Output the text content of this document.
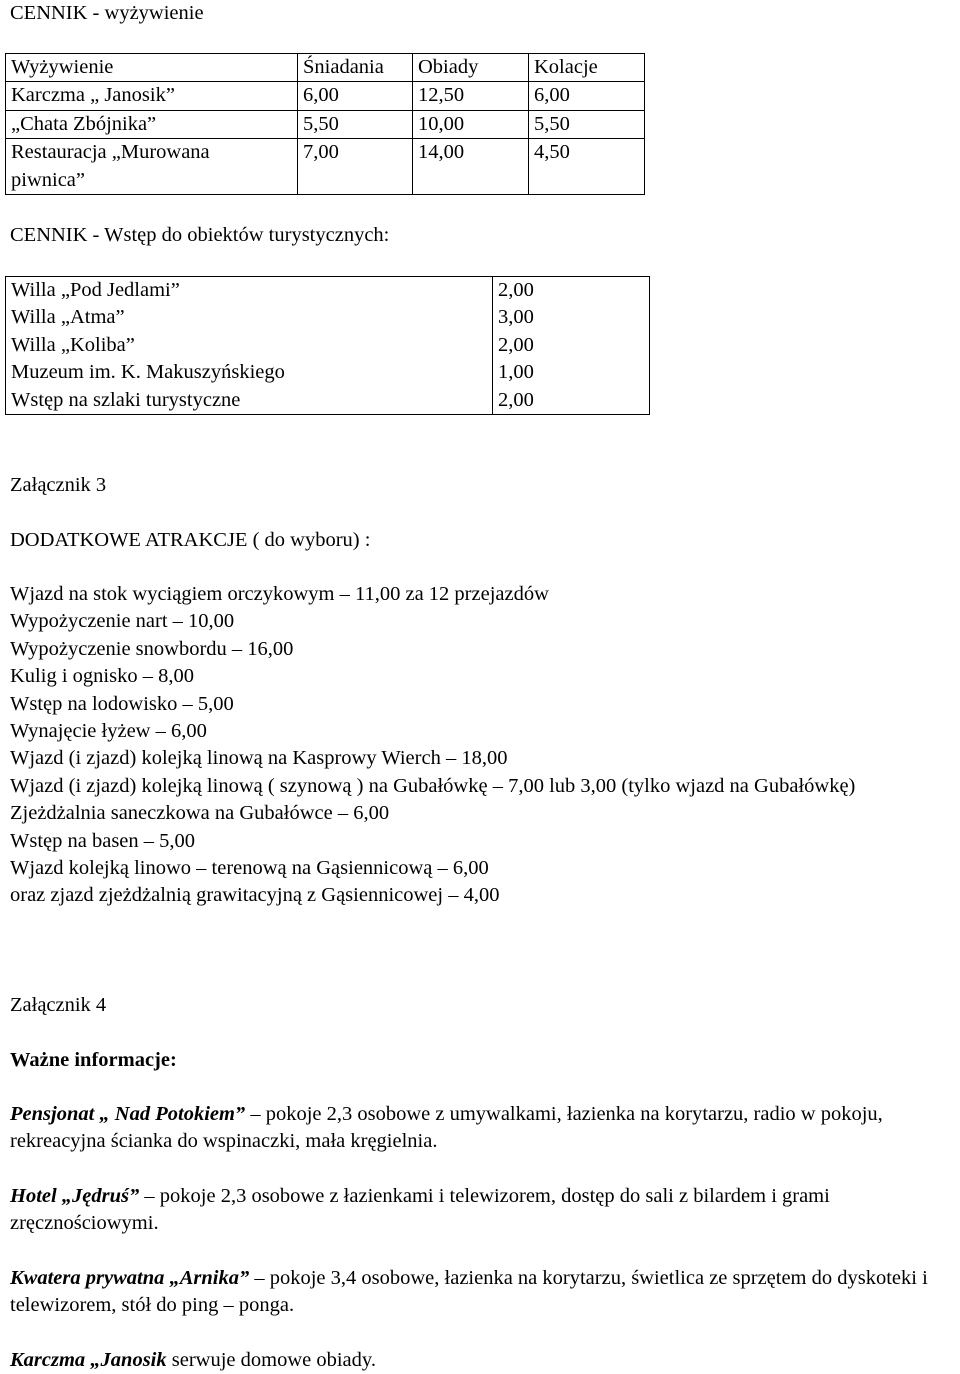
CENNIK - wyżywienie
Wyżywienie	Śniadania	Obiady	Kolacje
Karczma „ Janosik”	6,00	12,50	6,00
„Chata Zbójnika”	5,50	10,00	5,50
Restauracja „Murowana piwnica”	7,00	14,00	4,50
CENNIK - Wstęp do obiektów turystycznych:
Willa „Pod Jedlami”	2,00
Willa „Atma”	3,00
Willa „Koliba”	2,00
Muzeum im. K. Makuszyńskiego	1,00
Wstęp na szlaki turystyczne	2,00
Załącznik 3
DODATKOWE ATRAKCJE ( do wyboru) :
Wjazd na stok wyciągiem orczykowym – 11,00 za 12 przejazdów
Wypożyczenie nart – 10,00
Wypożyczenie snowbordu – 16,00
Kulig i ognisko – 8,00
Wstęp na lodowisko – 5,00
Wynajęcie łyżew – 6,00
Wjazd (i zjazd) kolejką linową na Kasprowy Wierch – 18,00
Wjazd (i zjazd) kolejką linową ( szynową ) na Gubałówkę – 7,00 lub 3,00 (tylko wjazd na Gubałówkę)
Zjeżdżalnia saneczkowa na Gubałówce – 6,00
Wstęp na basen – 5,00
Wjazd kolejką linowo – terenową na Gąsiennicową – 6,00
oraz zjazd zjeżdżalnią grawitacyjną z Gąsiennicowej – 4,00
Załącznik 4
Ważne informacje:
Pensjonat „ Nad Potokiem” – pokoje 2,3 osobowe z umywalkami, łazienka na korytarzu, radio w pokoju, rekreacyjna ścianka do wspinaczki, mała kręgielnia.
Hotel „Jędruś” – pokoje 2,3 osobowe z łazienkami i telewizorem, dostęp do sali z bilardem i grami zręcznościowymi.
Kwatera prywatna „Arnika” – pokoje 3,4 osobowe, łazienka na korytarzu, świetlica ze sprzętem do dyskoteki i telewizorem, stół do ping – ponga.
Karczma „Janosik serwuje domowe obiady.
